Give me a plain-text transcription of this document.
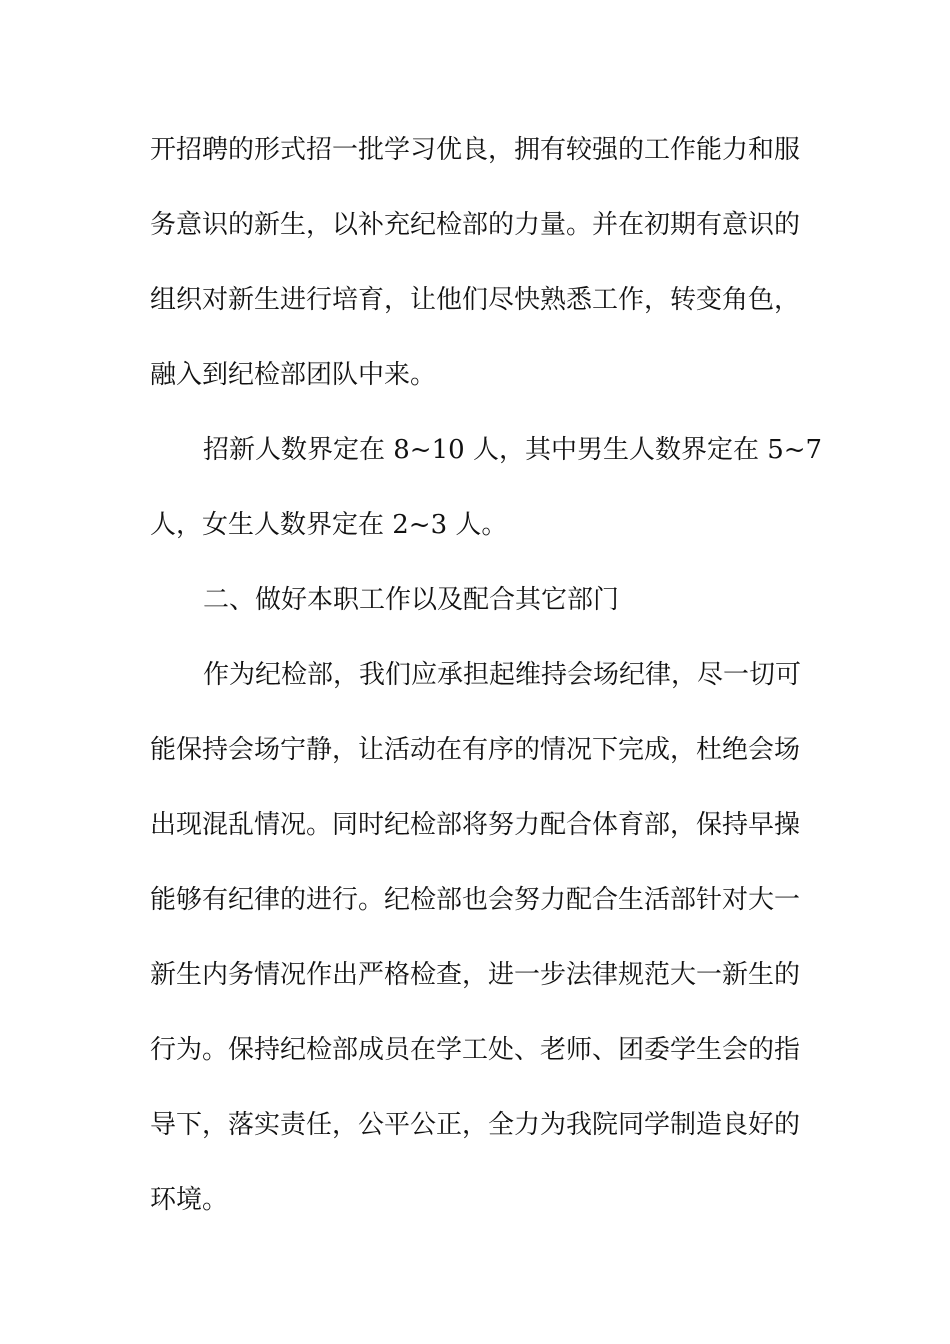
开招聘的形式招一批学习优良，拥有较强的工作能力和服
务意识的新生，以补充纪检部的力量。并在初期有意识的
组织对新生进行培育，让他们尽快熟悉工作，转变角色，
融入到纪检部团队中来。
招新人数界定在 8~10 人，其中男生人数界定在 5~7
人，女生人数界定在 2~3 人。
二、做好本职工作以及配合其它部门
作为纪检部，我们应承担起维持会场纪律，尽一切可
能保持会场宁静，让活动在有序的情况下完成，杜绝会场
出现混乱情况。同时纪检部将努力配合体育部，保持早操
能够有纪律的进行。纪检部也会努力配合生活部针对大一
新生内务情况作出严格检查，进一步法律规范大一新生的
行为。保持纪检部成员在学工处、老师、团委学生会的指
导下，落实责任，公平公正，全力为我院同学制造良好的
环境。
